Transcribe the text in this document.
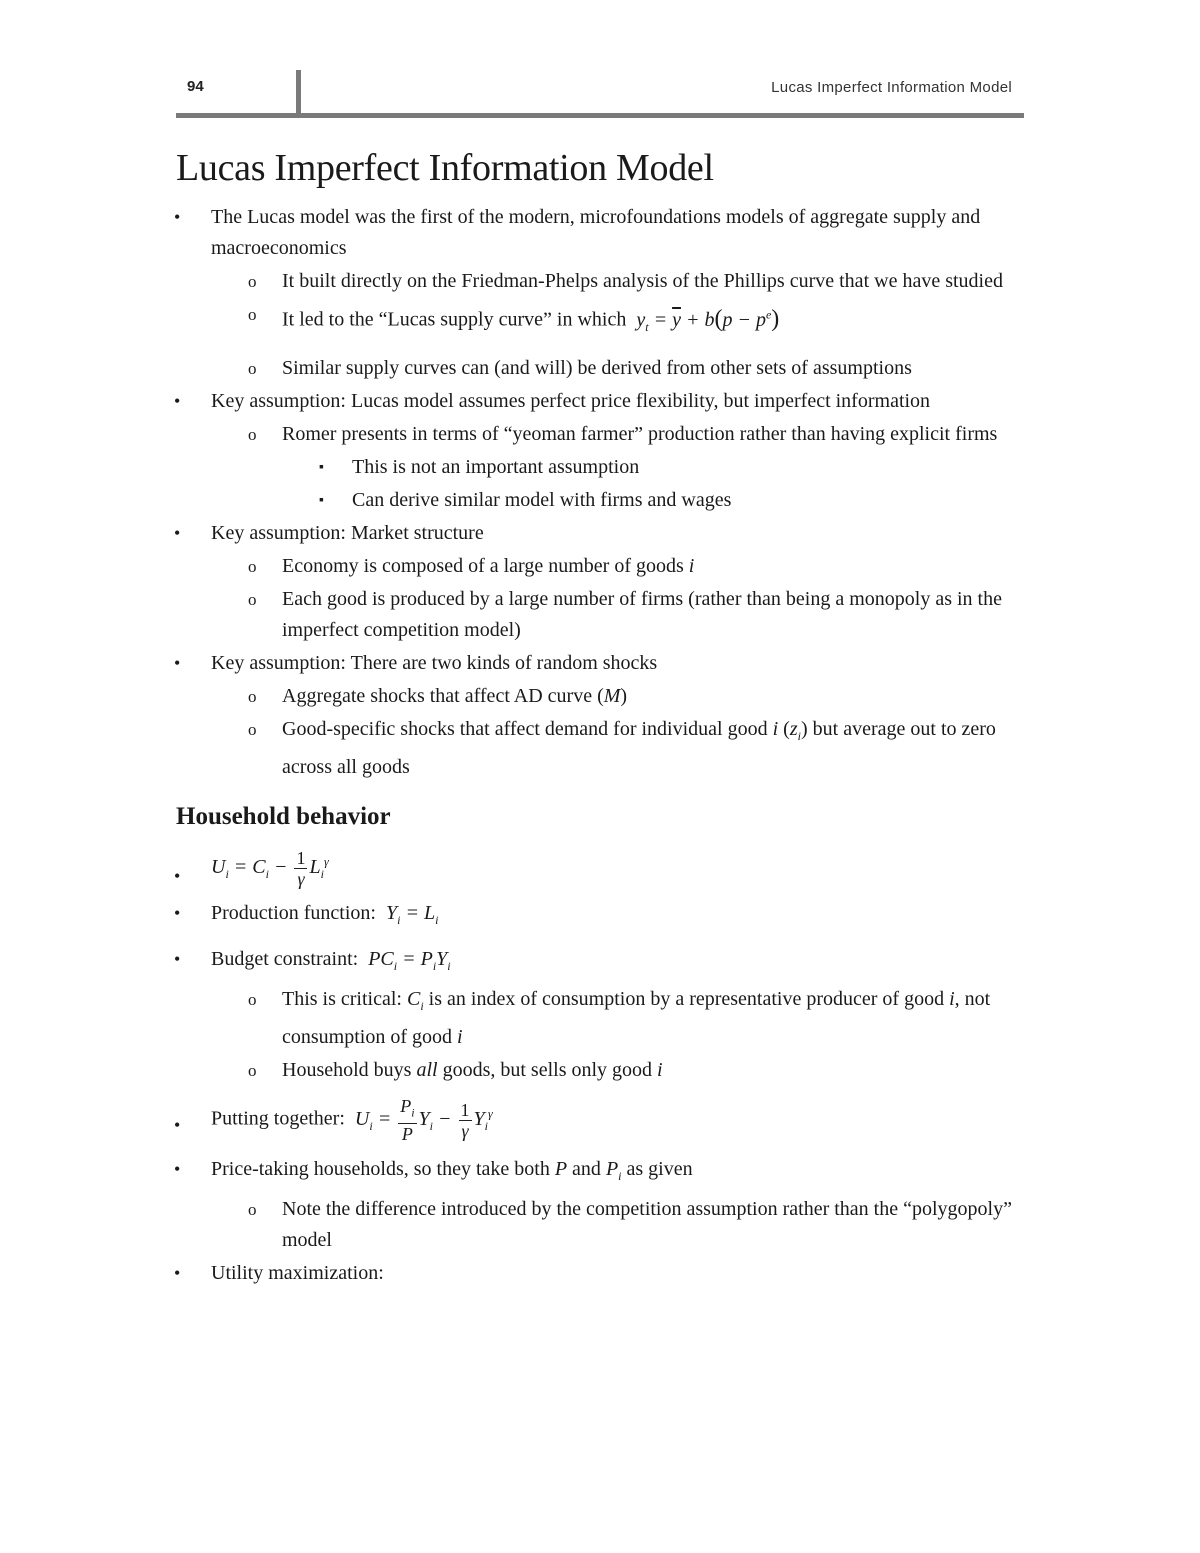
94	Lucas Imperfect Information Model
Lucas Imperfect Information Model
• The Lucas model was the first of the modern, microfoundations models of aggregate supply and macroeconomics
o It built directly on the Friedman-Phelps analysis of the Phillips curve that we have studied
o It led to the “Lucas supply curve” in which  $y_t = \overline{y} + b(p - p^e)$
o Similar supply curves can (and will) be derived from other sets of assumptions
• Key assumption: Lucas model assumes perfect price flexibility, but imperfect information
o Romer presents in terms of “yeoman farmer” production rather than having explicit firms
▪ This is not an important assumption
▪ Can derive similar model with firms and wages
• Key assumption: Market structure
o Economy is composed of a large number of goods i
o Each good is produced by a large number of firms (rather than being a monopoly as in the imperfect competition model)
• Key assumption: There are two kinds of random shocks
o Aggregate shocks that affect AD curve (M)
o Good-specific shocks that affect demand for individual good i $(z_i)$ but average out to zero across all goods
Household behavior
• $U_i = C_i - \frac{1}{\gamma} L_i^\gamma$
• Production function: $Y_i = L_i$
• Budget constraint: $PC_i = P_iY_i$
o This is critical: $C_i$ is an index of consumption by a representative producer of good i, not consumption of good i
o Household buys all goods, but sells only good i
• Putting together: $U_i = \frac{P_i}{P} Y_i - \frac{1}{\gamma} Y_i^\gamma$
• Price-taking households, so they take both P and $P_i$ as given
o Note the difference introduced by the competition assumption rather than the “polygopoly” model
• Utility maximization:
